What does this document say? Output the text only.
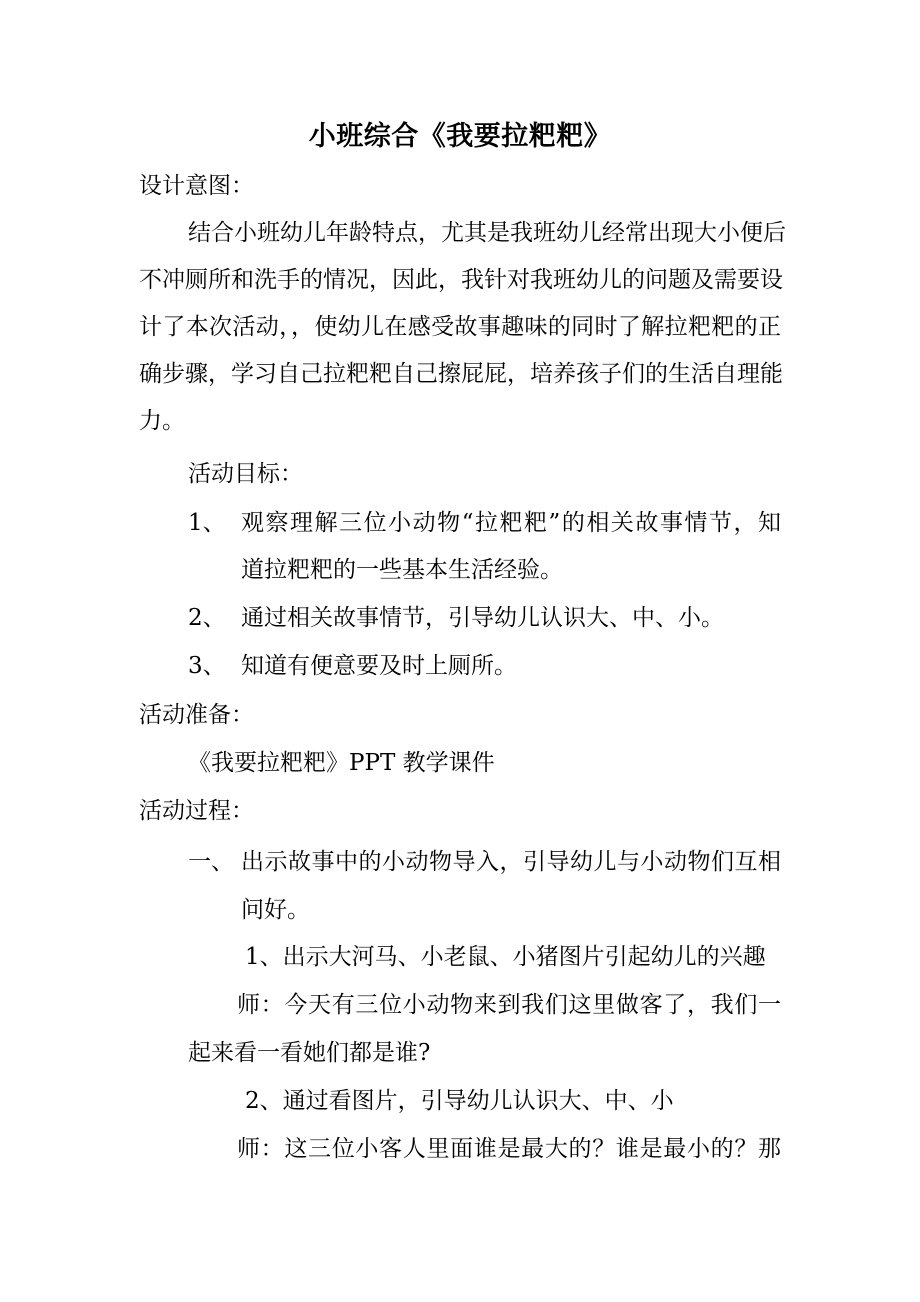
小班综合《我要拉粑粑》
设计意图：
结合小班幼儿年龄特点，尤其是我班幼儿经常出现大小便后
不冲厕所和洗手的情况，因此，我针对我班幼儿的问题及需要设
计了本次活动，，使幼儿在感受故事趣味的同时了解拉粑粑的正
确步骤，学习自己拉粑粑自己擦屁屁，培养孩子们的生活自理能
力。
活动目标：
1、 观察理解三位小动物“拉粑粑”的相关故事情节，知
道拉粑粑的一些基本生活经验。
2、 通过相关故事情节，引导幼儿认识大、中、小。
3、 知道有便意要及时上厕所。
活动准备：
《我要拉粑粑》PPT 教学课件
活动过程：
一、 出示故事中的小动物导入，引导幼儿与小动物们互相
问好。
1、出示大河马、小老鼠、小猪图片引起幼儿的兴趣
师：今天有三位小动物来到我们这里做客了，我们一
起来看一看她们都是谁?
2、通过看图片，引导幼儿认识大、中、小
师：这三位小客人里面谁是最大的？谁是最小的？那
